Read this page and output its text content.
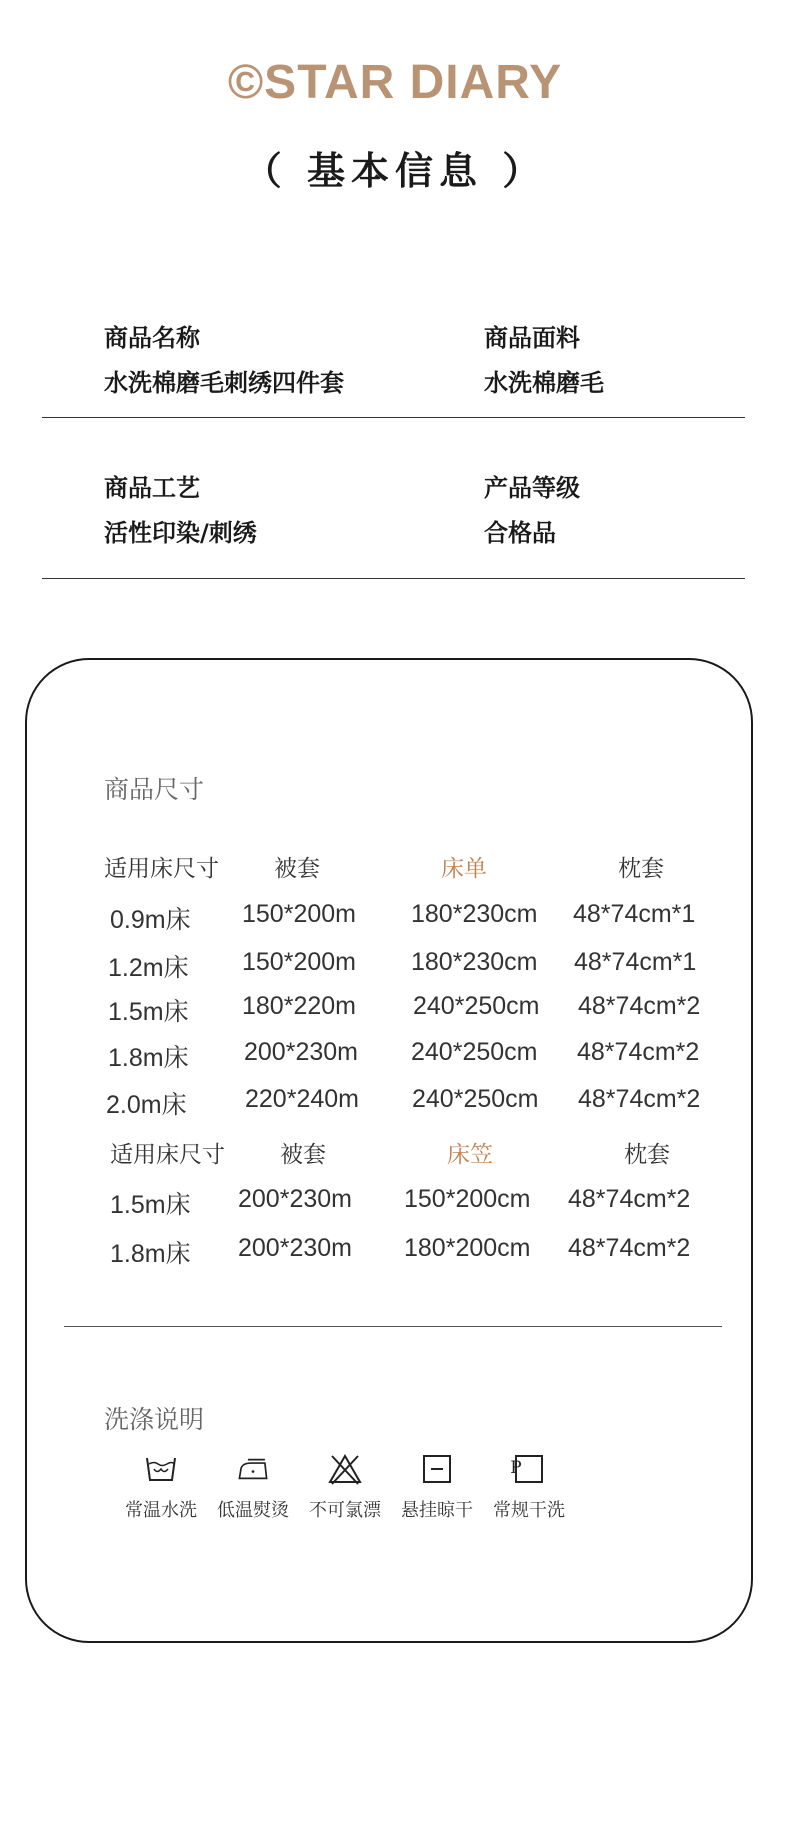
©STAR DIARY
（ 基本信息 ）
商品名称
水洗棉磨毛刺绣四件套
商品面料
水洗棉磨毛
商品工艺
活性印染/刺绣
产品等级
合格品
商品尺寸
适用床尺寸 被套	床单	枕套
0.9m床 150*200m 180*230cm 48*74cm*1
1.2m床 150*200m 180*230cm 48*74cm*1
1.5m床 180*220m 240*250cm 48*74cm*2
1.8m床 200*230m 240*250cm 48*74cm*2
2.0m床 220*240m 240*250cm 48*74cm*2
适用床尺寸 被套	床笠	枕套
1.5m床 200*230m 150*200cm 48*74cm*2
1.8m床 200*230m 180*200cm 48*74cm*2
洗涤说明
常温水洗	低温熨烫	不可氯漂	悬挂晾干
P
常规干洗
